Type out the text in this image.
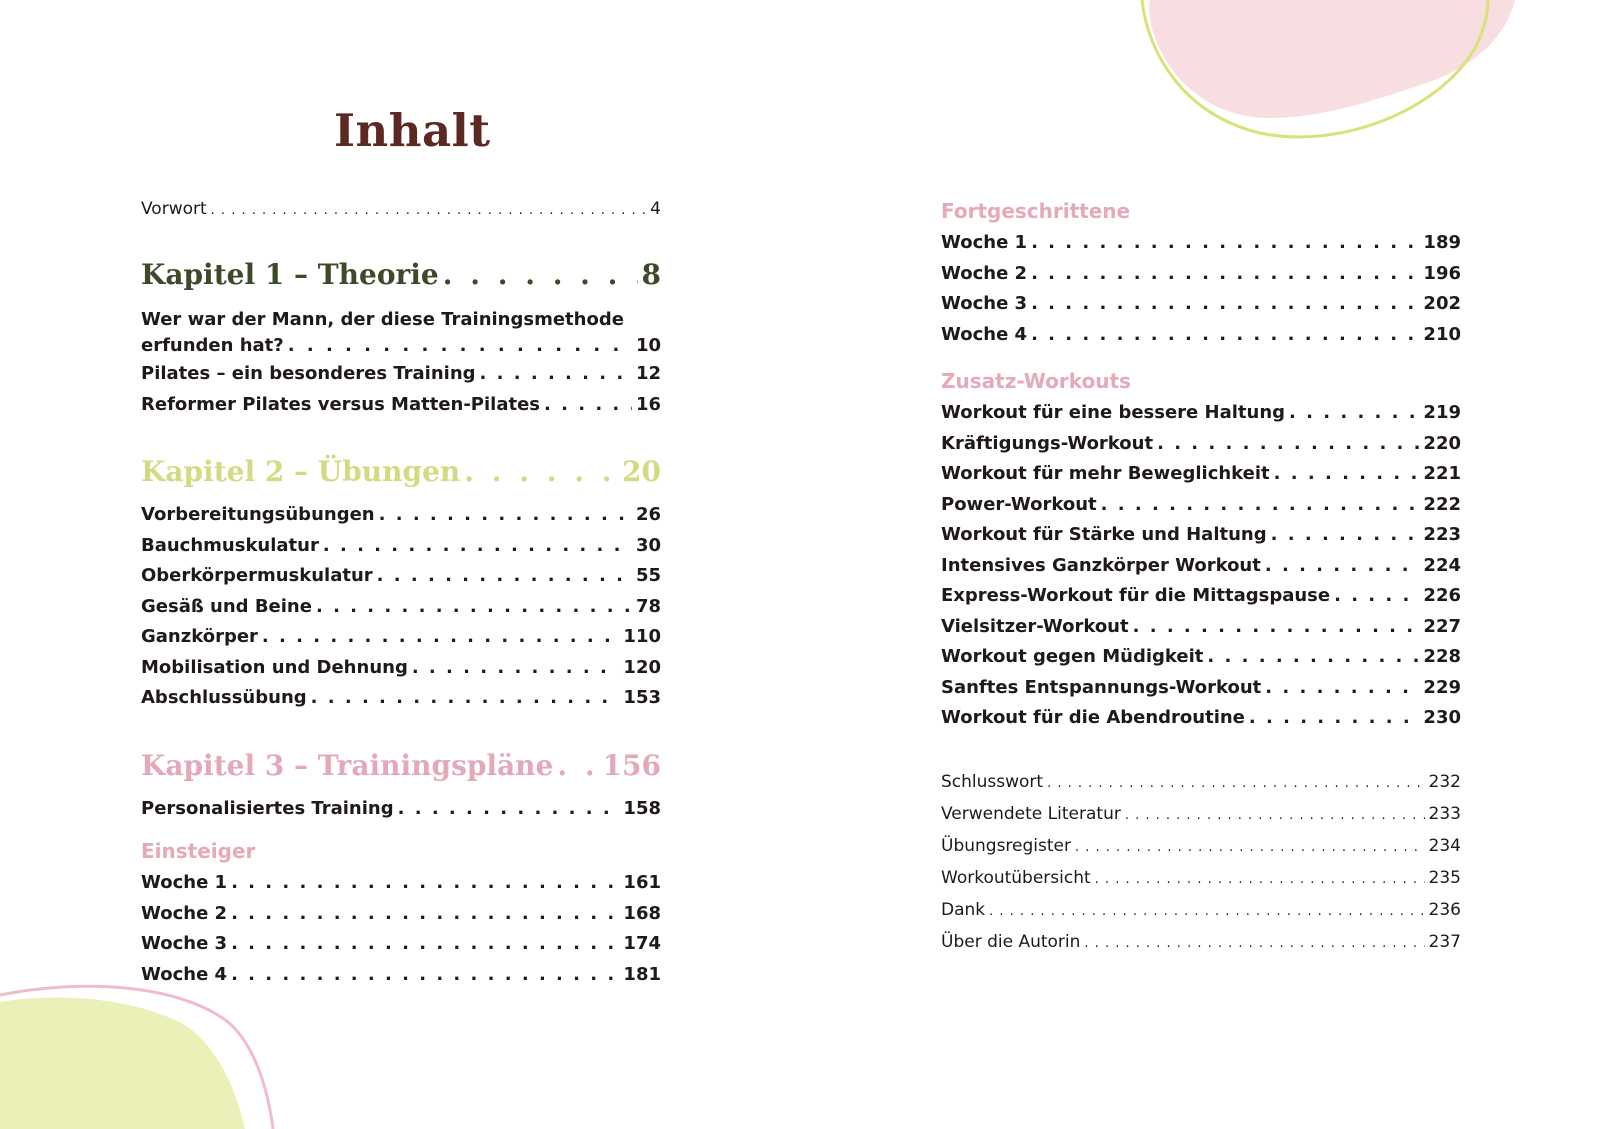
Inhalt
Vorwort . . .	4
Kapitel 1 – Theorie . . .	8
Wer war der Mann, der diese Trainingsmethode
erfunden hat? . . .	10
Pilates – ein besonderes Training . . .	12
Reformer Pilates versus Matten-Pilates . . .	16
Kapitel 2 – Übungen . . .	20
Vorbereitungsübungen . . .	26
Bauchmuskulatur . . .	30
Oberkörpermuskulatur . . .	55
Gesäß und Beine . . .	78
Ganzkörper . . .	110
Mobilisation und Dehnung . . .	120
Abschlussübung . . .	153
Kapitel 3 – Trainingspläne . . . 156
Personalisiertes Training . . .	158
Einsteiger
Woche 1 . . .	161
Woche 2 . . .	168
Woche 3 . . .	174
Woche 4 . . .	181
Fortgeschrittene
Woche 1 . . .	189
Woche 2 . . .	196
Woche 3 . . .	202
Woche 4 . . .	210
Zusatz-Workouts
Workout für eine bessere Haltung . . .	219
Kräftigungs-Workout . . .	220
Workout für mehr Beweglichkeit . . .	221
Power-Workout . . .	222
Workout für Stärke und Haltung . . .	223
Intensives Ganzkörper Workout . . .	224
Express-Workout für die Mittagspause . . .	226
Vielsitzer-Workout . . .	227
Workout gegen Müdigkeit . . .	228
Sanftes Entspannungs-Workout . . .	229
Workout für die Abendroutine . . .	230
Schlusswort . . .	232
Verwendete Literatur . . .	233
Übungsregister . . .	234
Workoutübersicht . . .	235
Dank . . .	236
Über die Autorin . . .	237
